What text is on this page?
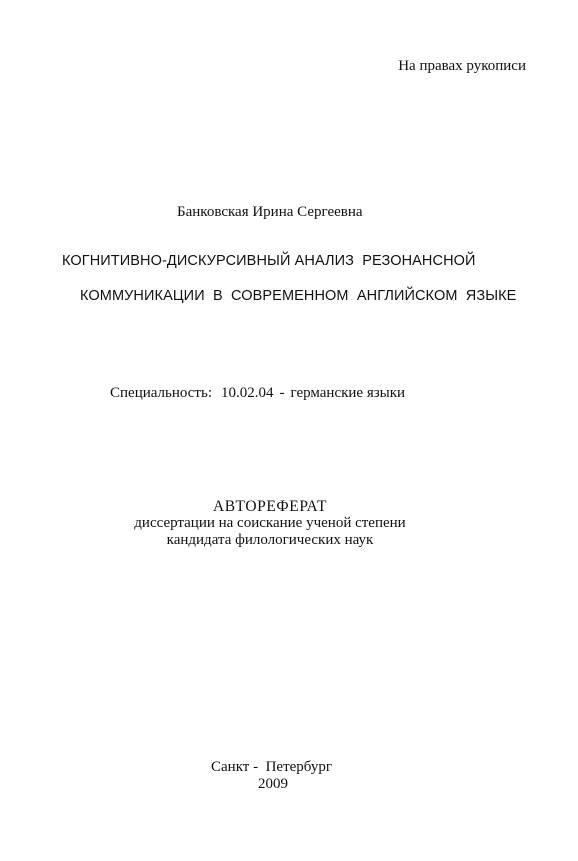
На правах рукописи
Банковская Ирина Сергеевна
КОГНИТИВНО-ДИСКУРСИВНЫЙ АНАЛИЗ  РЕЗОНАНСНОЙ
КОММУНИКАЦИИ  В  СОВРЕМЕННОМ  АНГЛИЙСКОМ  ЯЗЫКЕ
Специальность: 10.02.04 - германские языки
АВТОРЕФЕРАТ
диссертации на соискание ученой степени
кандидата филологических наук
Санкт -  Петербург
2009
